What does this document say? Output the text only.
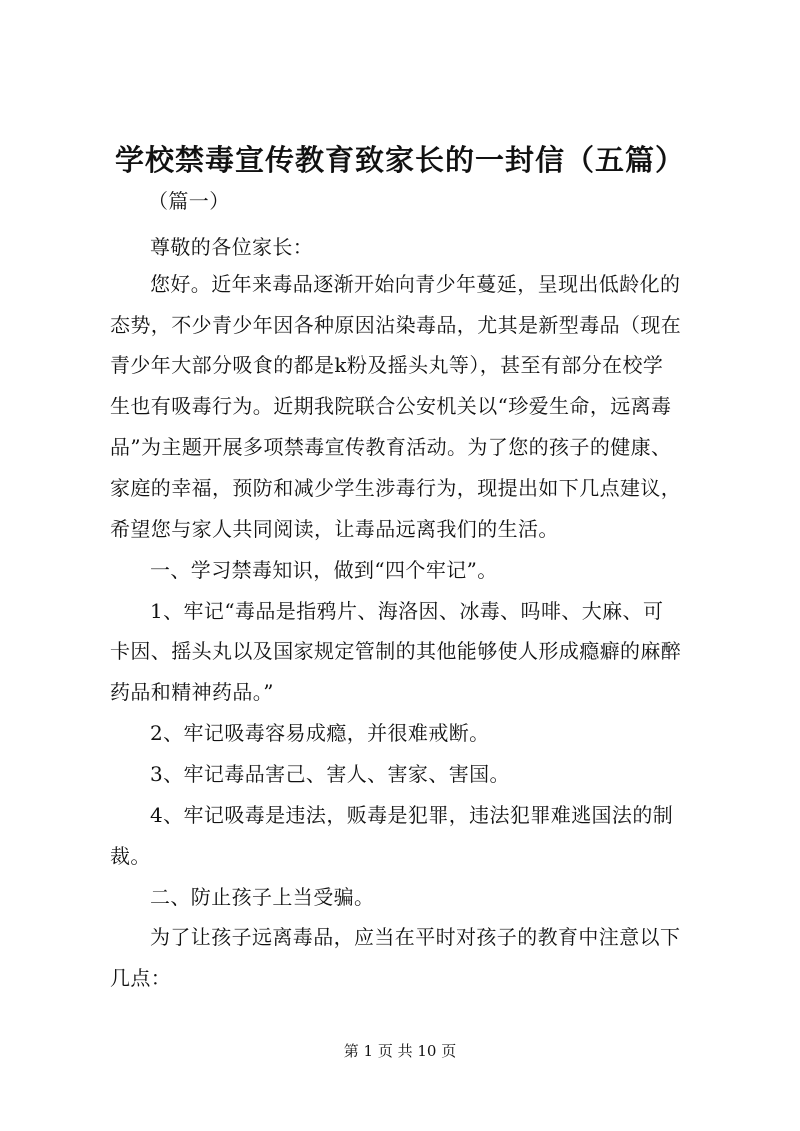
学校禁毒宣传教育致家长的一封信（五篇）

（篇一）

尊敬的各位家长：

您好。近年来毒品逐渐开始向青少年蔓延，呈现出低龄化的

态势，不少青少年因各种原因沾染毒品，尤其是新型毒品（现在

青少年大部分吸食的都是k粉及摇头丸等），甚至有部分在校学

生也有吸毒行为。近期我院联合公安机关以“珍爱生命，远离毒

品”为主题开展多项禁毒宣传教育活动。为了您的孩子的健康、

家庭的幸福，预防和减少学生涉毒行为，现提出如下几点建议，

希望您与家人共同阅读，让毒品远离我们的生活。

一、学习禁毒知识，做到“四个牢记”。

1、牢记“毒品是指鸦片、海洛因、冰毒、吗啡、大麻、可

卡因、摇头丸以及国家规定管制的其他能够使人形成瘾癖的麻醉

药品和精神药品。”

2、牢记吸毒容易成瘾，并很难戒断。

3、牢记毒品害己、害人、害家、害国。

4、牢记吸毒是违法，贩毒是犯罪，违法犯罪难逃国法的制

裁。

二、防止孩子上当受骗。

为了让孩子远离毒品，应当在平时对孩子的教育中注意以下

几点：

第 1 页 共 10 页
